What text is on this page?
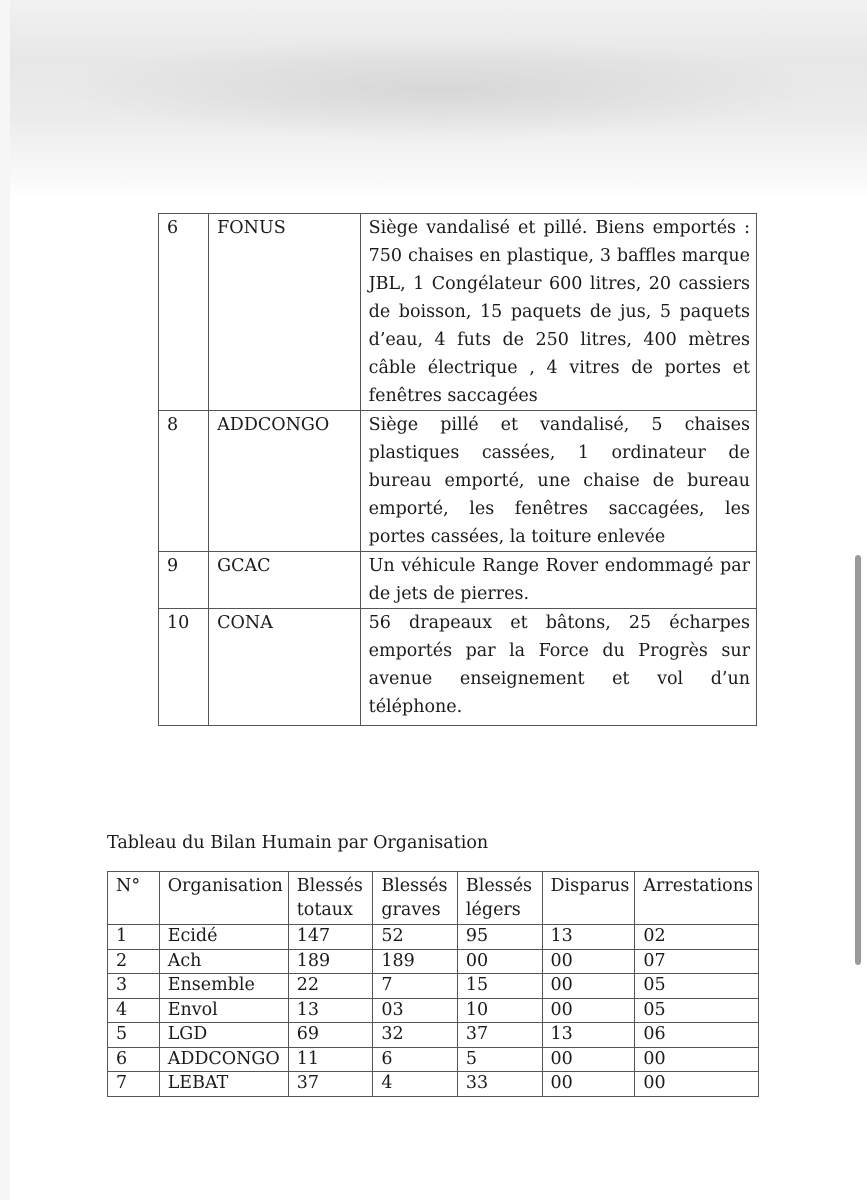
6	FONUS	Siège vandalisé et pillé. Biens emportés : 750 chaises en plastique, 3 baffles marque JBL, 1 Congélateur 600 litres, 20 cassiers de boisson, 15 paquets de jus, 5 paquets d’eau, 4 futs de 250 litres, 400 mètres câble électrique , 4 vitres de portes et fenêtres saccagées
8	ADDCONGO	Siège pillé et vandalisé, 5 chaises plastiques cassées, 1 ordinateur de bureau emporté, une chaise de bureau emporté, les fenêtres saccagées, les portes cassées, la toiture enlevée
9	GCAC	Un véhicule Range Rover endommagé par de jets de pierres.
10	CONA	56 drapeaux et bâtons, 25 écharpes emportés par la Force du Progrès sur avenue enseignement et vol d’un téléphone.
Tableau du Bilan Humain par Organisation
N°	Organisation	Blessés totaux	Blessés graves	Blessés légers	Disparus	Arrestations
1	Ecidé	147	52	95	13	02
2	Ach	189	189	00	00	07
3	Ensemble	22	7	15	00	05
4	Envol	13	03	10	00	05
5	LGD	69	32	37	13	06
6	ADDCONGO	11	6	5	00	00
7	LEBAT	37	4	33	00	00
